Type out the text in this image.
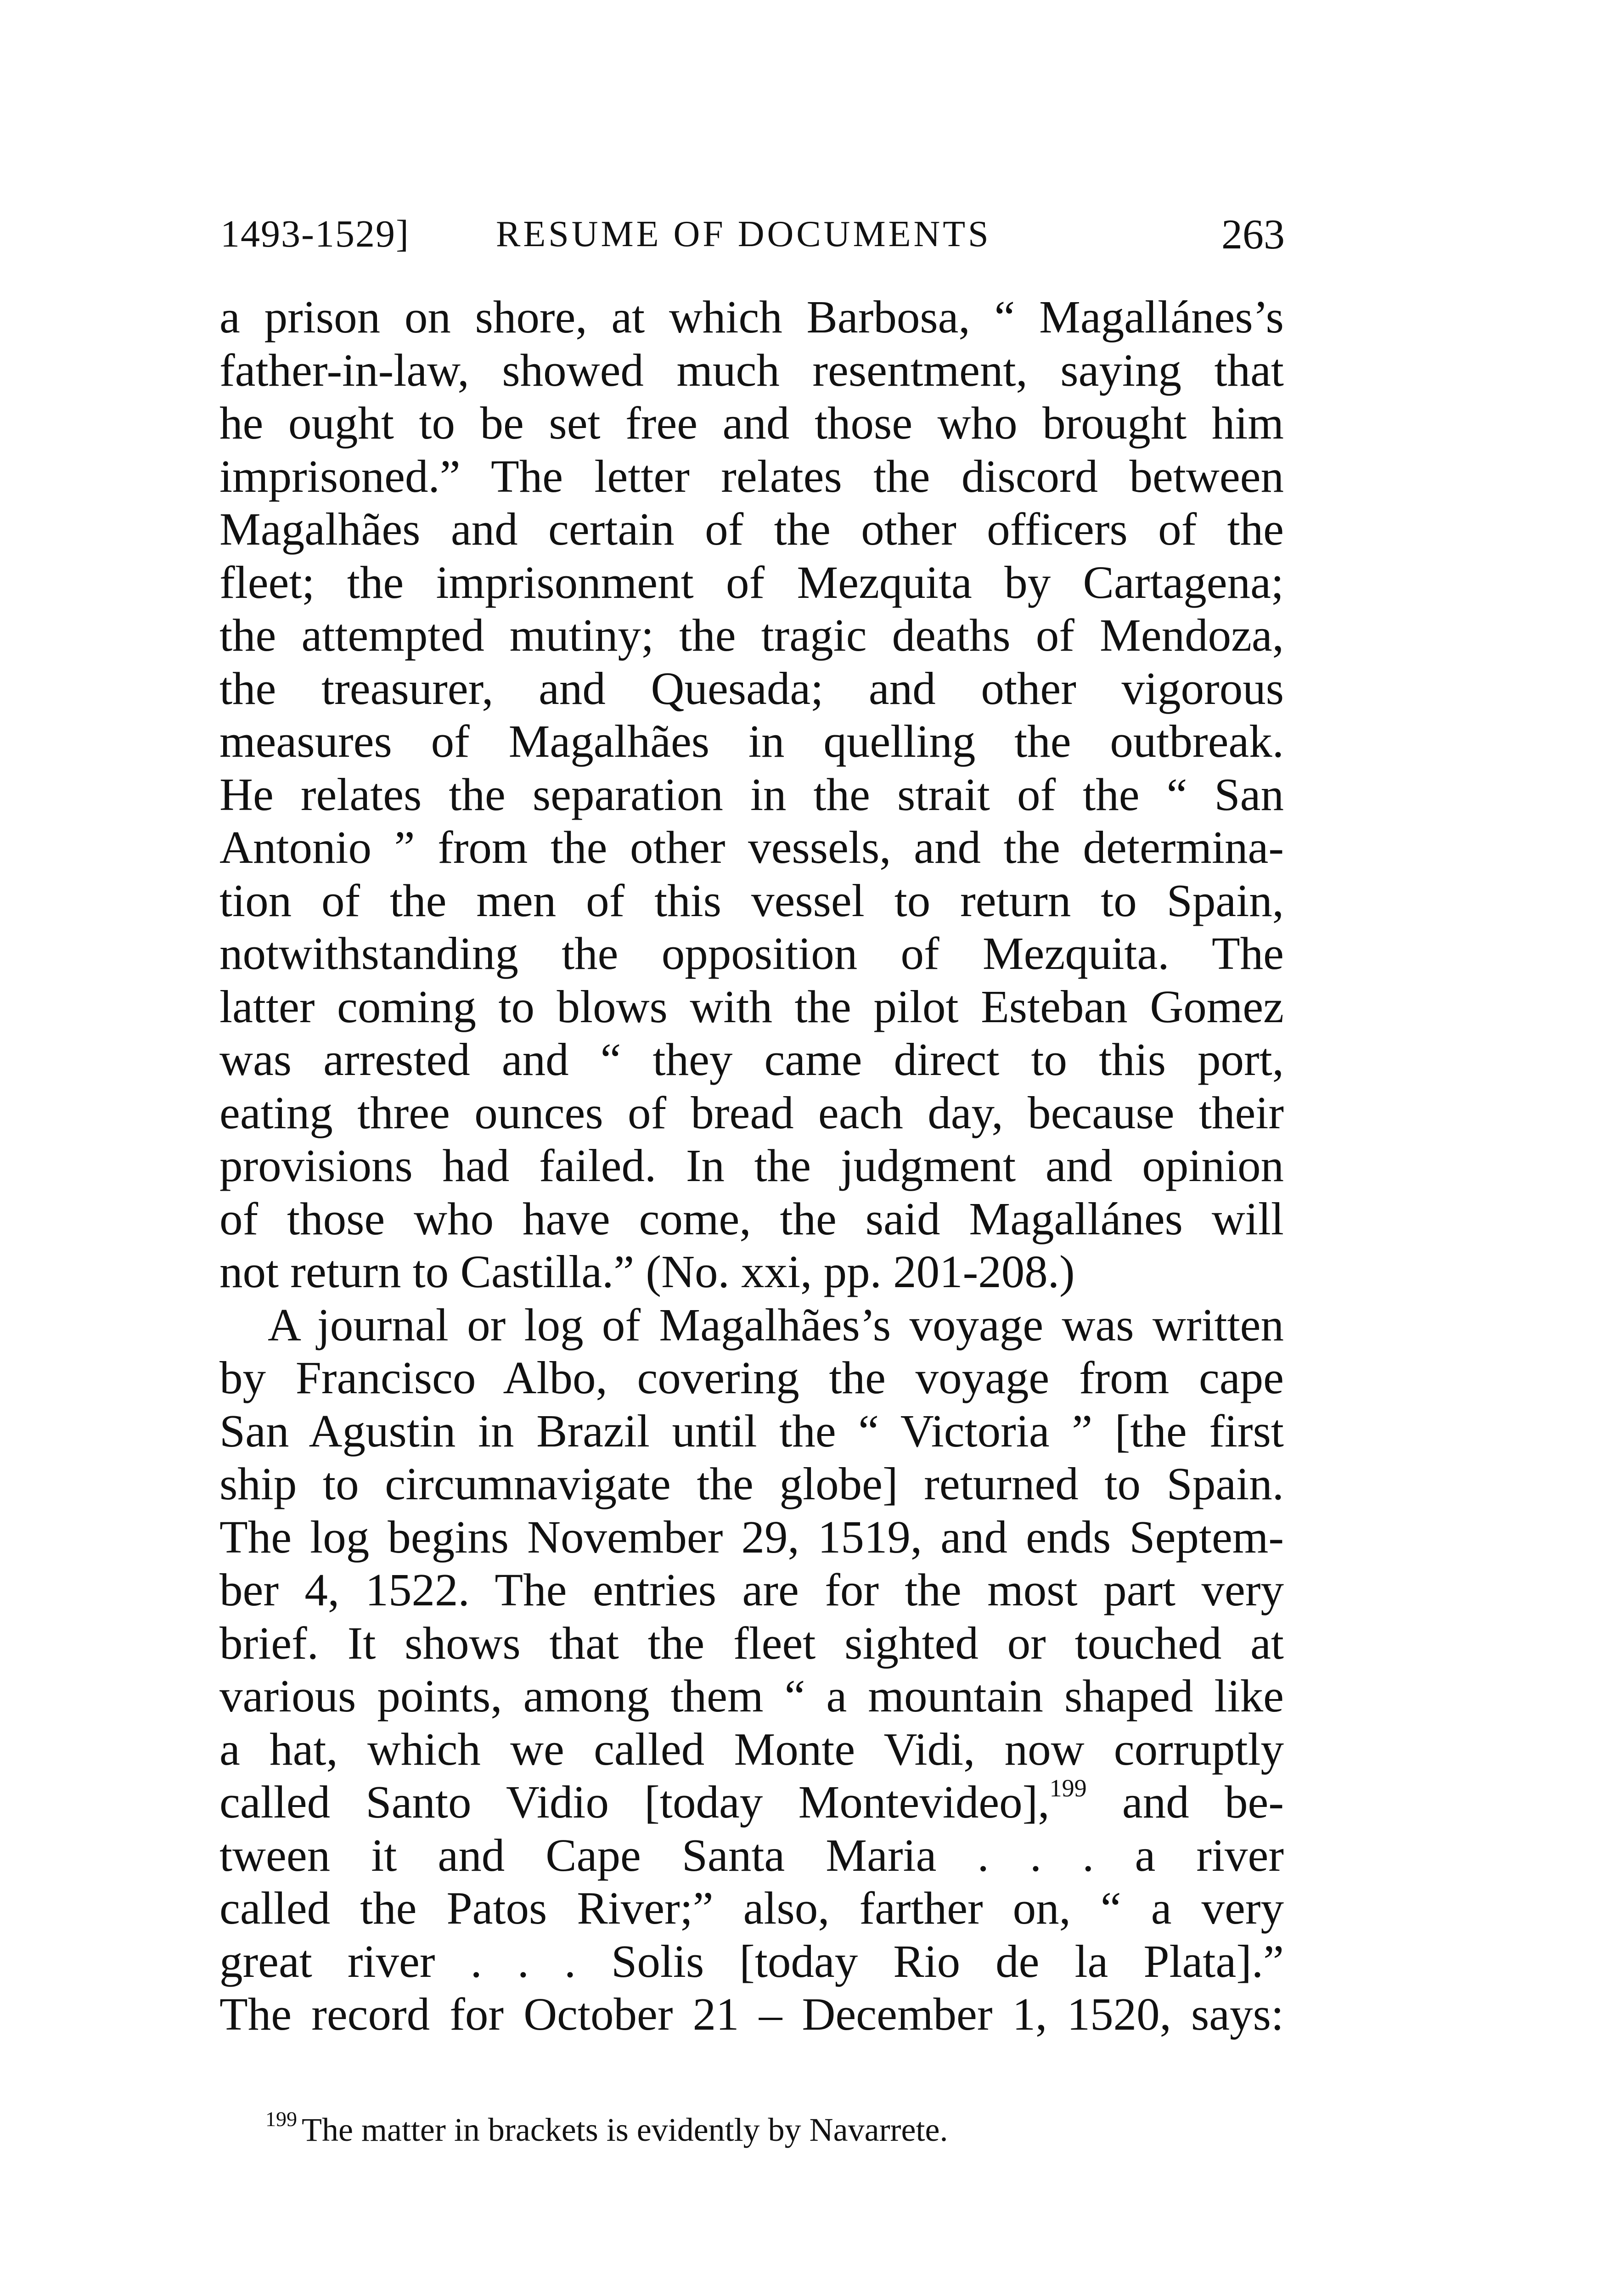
1493-1529] RESUME OF DOCUMENTS	263
a prison on shore, at which Barbosa, “ Magallánes’s
father-in-law, showed much resentment, saying that
he ought to be set free and those who brought him
imprisoned.” The letter relates the discord between
Magalhães and certain of the other officers of the
fleet; the imprisonment of Mezquita by Cartagena;
the attempted mutiny; the tragic deaths of Mendoza,
the treasurer, and Quesada; and other vigorous
measures of Magalhães in quelling the outbreak.
He relates the separation in the strait of the “ San
Antonio ” from the other vessels, and the determina-
tion of the men of this vessel to return to Spain,
notwithstanding the opposition of Mezquita. The
latter coming to blows with the pilot Esteban Gomez
was arrested and “ they came direct to this port,
eating three ounces of bread each day, because their
provisions had failed. In the judgment and opinion
of those who have come, the said Magallánes will
not return to Castilla.” (No. xxi, pp. 201-208.)
A journal or log of Magalhães’s voyage was written
by Francisco Albo, covering the voyage from cape
San Agustin in Brazil until the “ Victoria ” [the first
ship to circumnavigate the globe] returned to Spain.
The log begins November 29, 1519, and ends Septem-
ber 4, 1522. The entries are for the most part very
brief. It shows that the fleet sighted or touched at
various points, among them “ a mountain shaped like
a hat, which we called Monte Vidi, now corruptly
called Santo Vidio [today Montevideo],$^{199}$ and be-
tween it and Cape Santa Maria . . . a river
called the Patos River;” also, farther on, “ a very
great river . . . Solis [today Rio de la Plata].”
The record for October 21 – December 1, 1520, says:
$^{199}$ The matter in brackets is evidently by Navarrete.
